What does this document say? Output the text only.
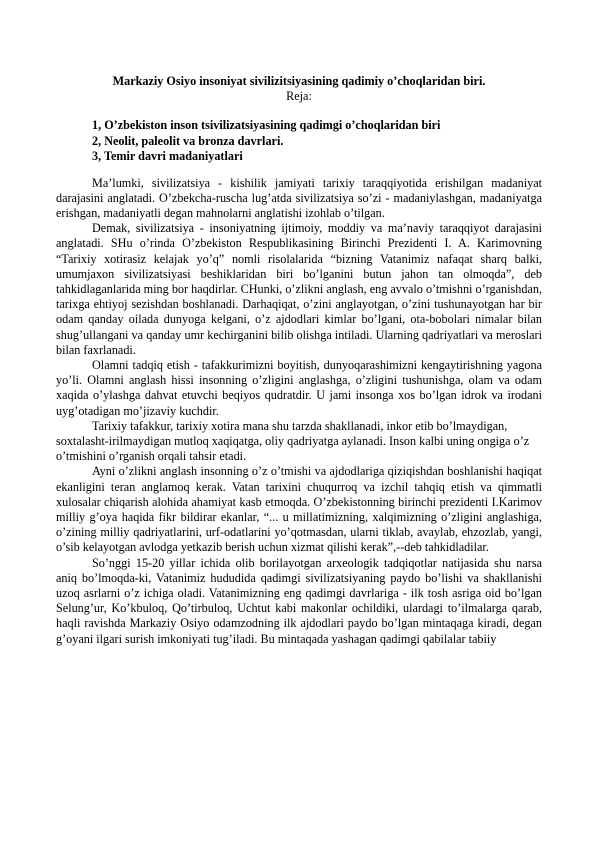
Markaziy Osiyo insoniyat sivilizitsiyasining qadimiy o’choqlaridan biri.

Reja:

1, O’zbekiston inson tsivilizatsiyasining qadimgi o’choqlaridan biri
2, Neolit, paleolit va bronza davrlari.
3, Temir davri madaniyatlari

Ma’lumki, sivilizatsiya - kishilik jamiyati tarixiy taraqqiyotida erishilgan madaniyat darajasini anglatadi. O’zbekcha-ruscha lug’atda sivilizatsiya so’zi - madaniylashgan, madaniyatga erishgan, madaniyatli degan mahnolarni anglatishi izohlab o’tilgan.

Demak, sivilizatsiya - insoniyatning ijtimoiy, moddiy va ma’naviy taraqqiyot darajasini anglatadi. SHu o’rinda O’zbekiston Respublikasining Birinchi Prezidenti I. A. Karimovning “Tarixiy xotirasiz kelajak yo’q” nomli risolalarida “bizning Vatanimiz nafaqat sharq balki, umumjaxon sivilizatsiyasi beshiklaridan biri bo’lganini butun jahon tan olmoqda”, deb tahkidlaganlarida ming bor haqdirlar. CHunki, o’zlikni anglash, eng avvalo o’tmishni o’rganishdan, tarixga ehtiyoj sezishdan boshlanadi. Darhaqiqat, o’zini anglayotgan, o’zini tushunayotgan har bir odam qanday oilada dunyoga kelgani, o’z ajdodlari kimlar bo’lgani, ota-bobolari nimalar bilan shug’ullangani va qanday umr kechirganini bilib olishga intiladi. Ularning qadriyatlari va meroslari bilan faxrlanadi.

Olamni tadqiq etish - tafakkurimizni boyitish, dunyoqarashimizni kengaytirishning yagona yo’li. Olamni anglash hissi insonning o’zligini anglashga, o’zligini tushunishga, olam va odam xaqida o’ylashga dahvat etuvchi beqiyos qudratdir. U jami insonga xos bo’lgan idrok va irodani uyg’otadigan mo’jizaviy kuchdir.

Tarixiy tafakkur, tarixiy xotira mana shu tarzda shakllanadi, inkor etib bo’lmaydigan, soxtalasht-irilmaydigan mutloq xaqiqatga, oliy qadriyatga aylanadi. Inson kalbi uning ongiga o’z o’tmishini o’rganish orqali tahsir etadi.

Ayni o’zlikni anglash insonning o’z o’tmishi va ajdodlariga qiziqishdan boshlanishi haqiqat ekanligini teran anglamoq kerak. Vatan tarixini chuqurroq va izchil tahqiq etish va qimmatli xulosalar chiqarish alohida ahamiyat kasb etmoqda. O’zbekistonning birinchi prezidenti I.Karimov milliy g’oya haqida fikr bildirar ekanlar, “... u millatimizning, xalqimizning o’zligini anglashiga, o’zining milliy qadriyatlarini, urf-odatlarini yo’qotmasdan, ularni tiklab, avaylab, ehzozlab, yangi, o’sib kelayotgan avlodga yetkazib berish uchun xizmat qilishi kerak”,--deb tahkidladilar.

So’nggi 15-20 yillar ichida olib borilayotgan arxeologik tadqiqotlar natijasida shu narsa aniq bo’lmoqda-ki, Vatanimiz hududida qadimgi sivilizatsiyaning paydo bo’lishi va shakllanishi uzoq asrlarni o’z ichiga oladi. Vatanimizning eng qadimgi davrlariga - ilk tosh asriga oid bo’lgan Selung’ur, Ko’kbuloq, Qo’tirbuloq, Uchtut kabi makonlar ochildiki, ulardagi to’ilmalarga qarab, haqli ravishda Markaziy Osiyo odamzodning ilk ajdodlari paydo bo’lgan mintaqaga kiradi, degan g’oyani ilgari surish imkoniyati tug’iladi. Bu mintaqada yashagan qadimgi qabilalar tabiiy
